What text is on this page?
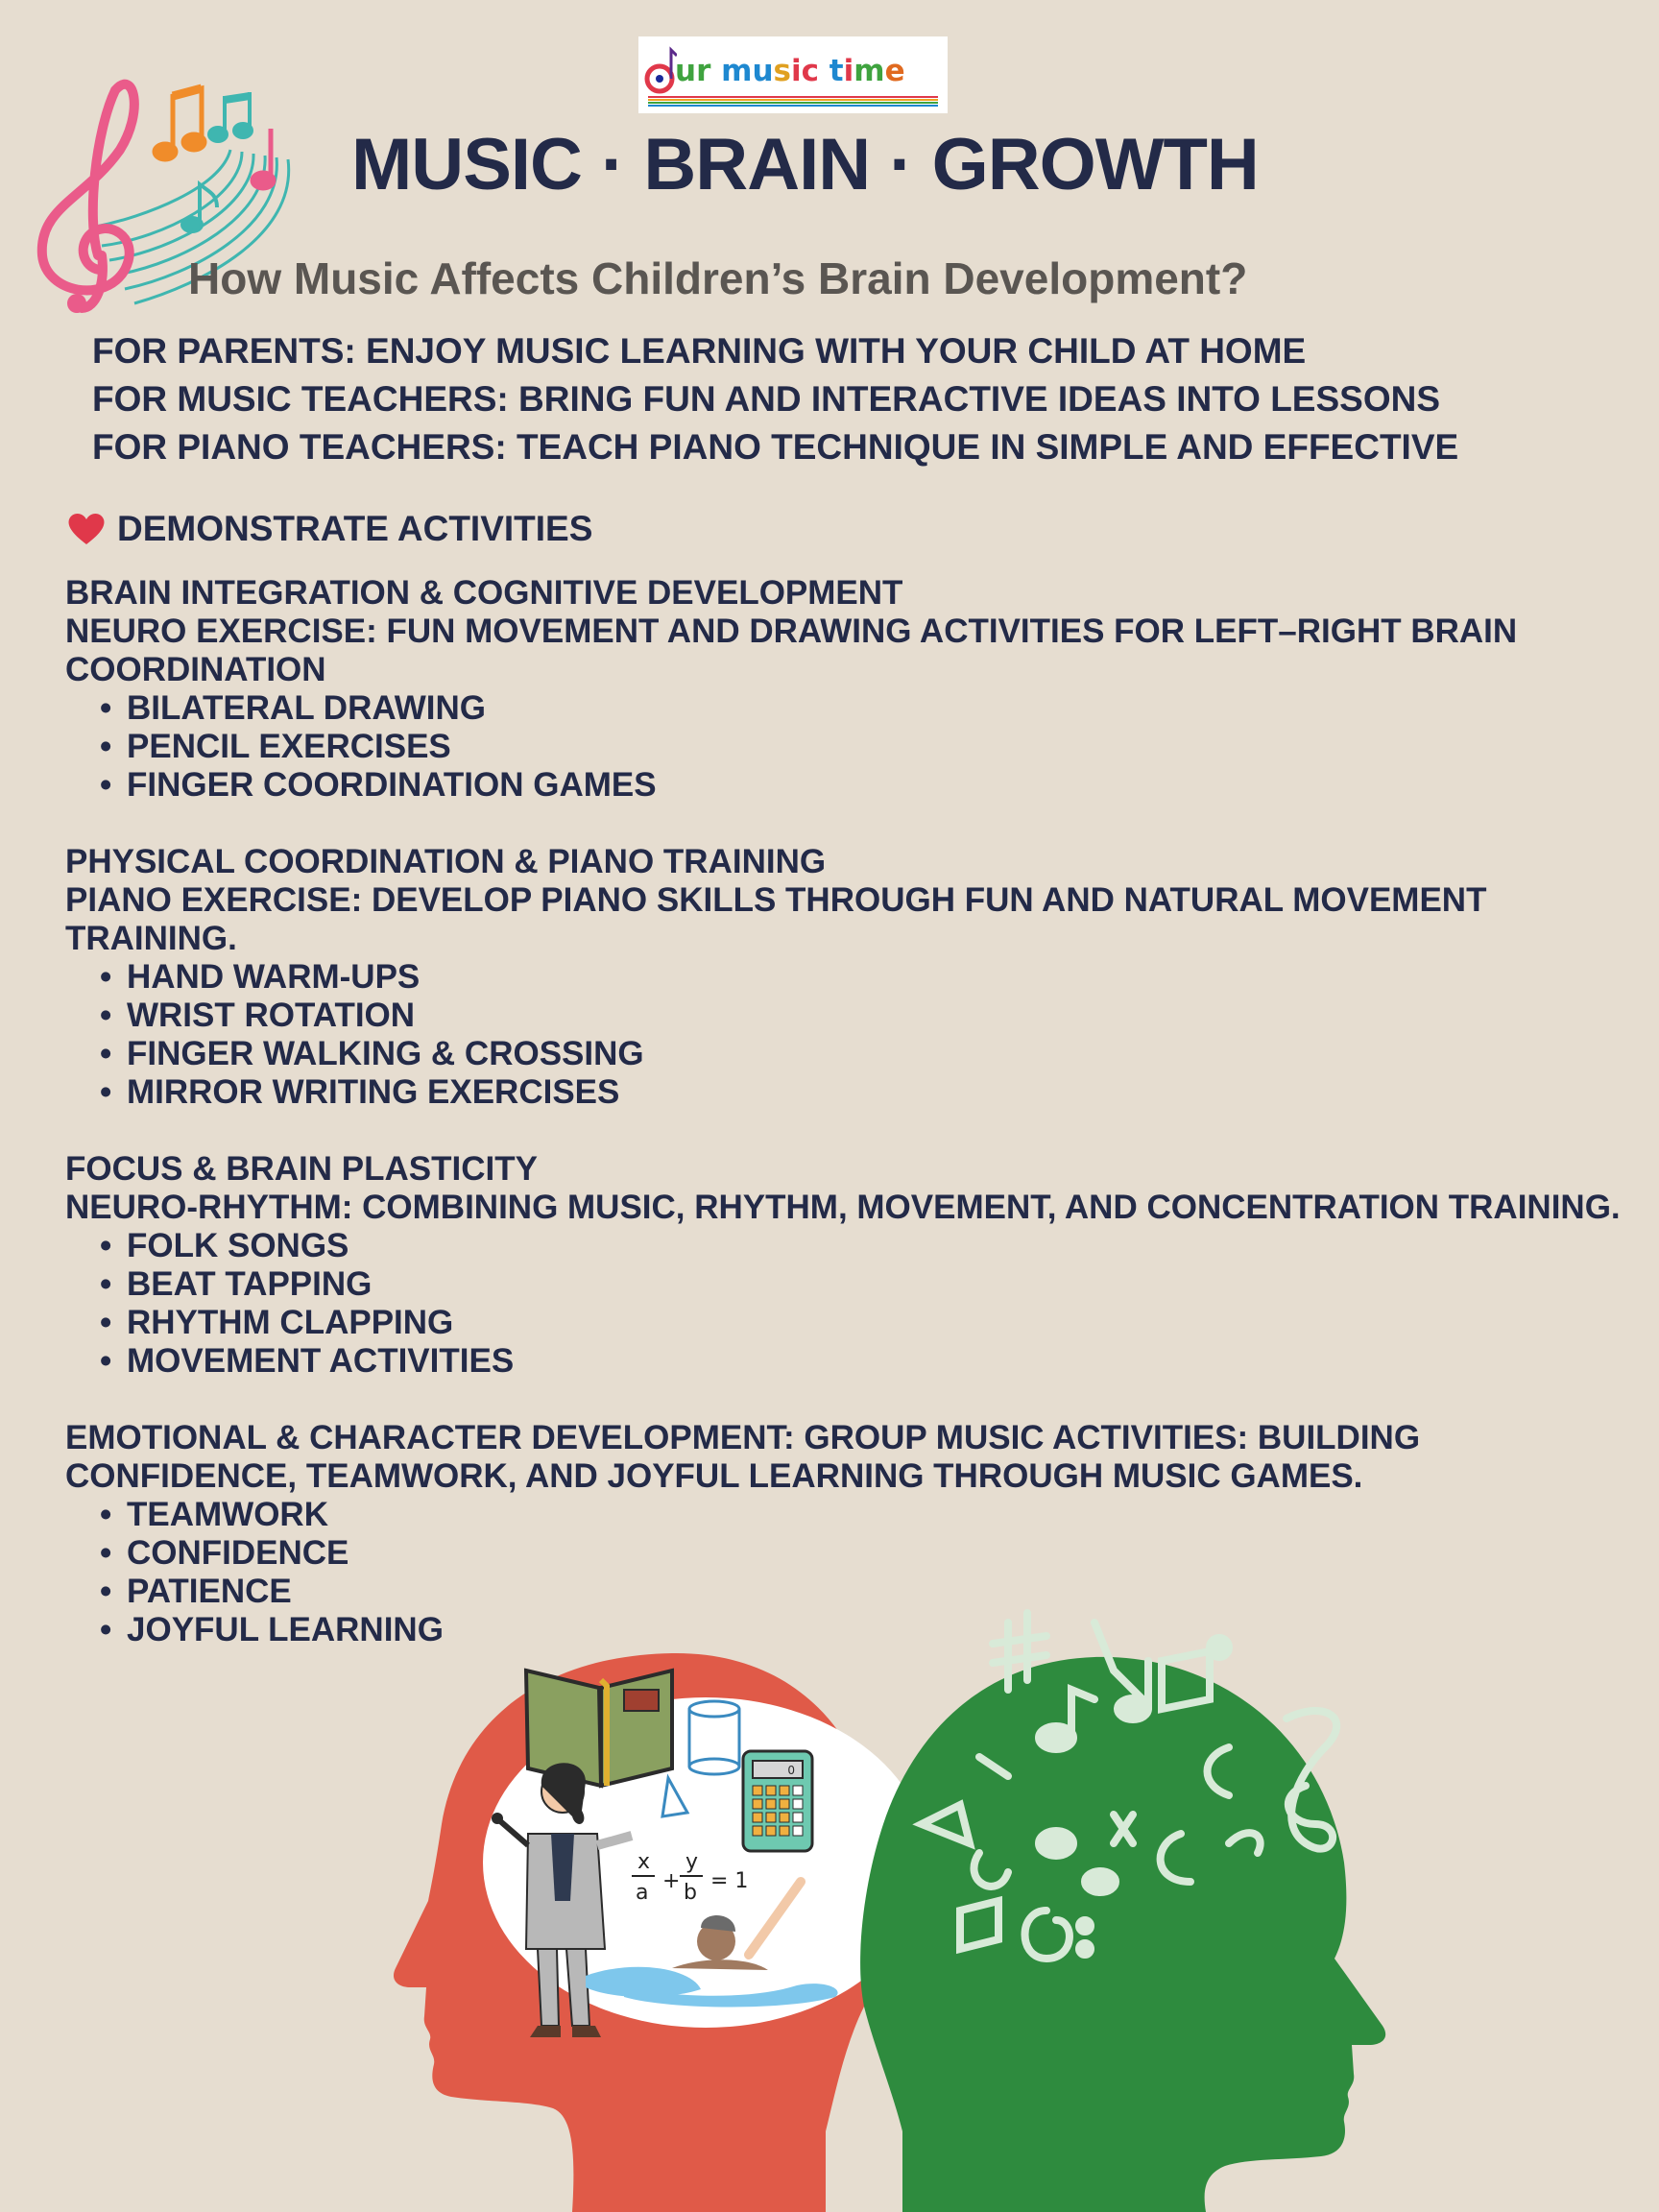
ur music time
MUSIC · BRAIN · GROWTH
How Music Affects Children’s Brain Development?
FOR PARENTS: ENJOY MUSIC LEARNING WITH YOUR CHILD AT HOME
FOR MUSIC TEACHERS: BRING FUN AND INTERACTIVE IDEAS INTO LESSONS
FOR PIANO TEACHERS: TEACH PIANO TECHNIQUE IN SIMPLE AND EFFECTIVE
DEMONSTRATE ACTIVITIES

BRAIN INTEGRATION & COGNITIVE DEVELOPMENT

NEURO EXERCISE: FUN MOVEMENT AND DRAWING ACTIVITIES FOR LEFT–RIGHT BRAIN COORDINATION

• BILATERAL DRAWING
• PENCIL EXERCISES
• FINGER COORDINATION GAMES

PHYSICAL COORDINATION & PIANO TRAINING

PIANO EXERCISE: DEVELOP PIANO SKILLS THROUGH FUN AND NATURAL MOVEMENT TRAINING.

• HAND WARM-UPS
• WRIST ROTATION
• FINGER WALKING & CROSSING
• MIRROR WRITING EXERCISES

FOCUS & BRAIN PLASTICITY

NEURO-RHYTHM: COMBINING MUSIC, RHYTHM, MOVEMENT, AND CONCENTRATION TRAINING.

• FOLK SONGS
• BEAT TAPPING
• RHYTHM CLAPPING
• MOVEMENT ACTIVITIES

EMOTIONAL & CHARACTER DEVELOPMENT: GROUP MUSIC ACTIVITIES: BUILDING CONFIDENCE, TEAMWORK, AND JOYFUL LEARNING THROUGH MUSIC GAMES.

• TEAMWORK
• CONFIDENCE
• PATIENCE
• JOYFUL LEARNING
0
x
a +
y
b = 1
